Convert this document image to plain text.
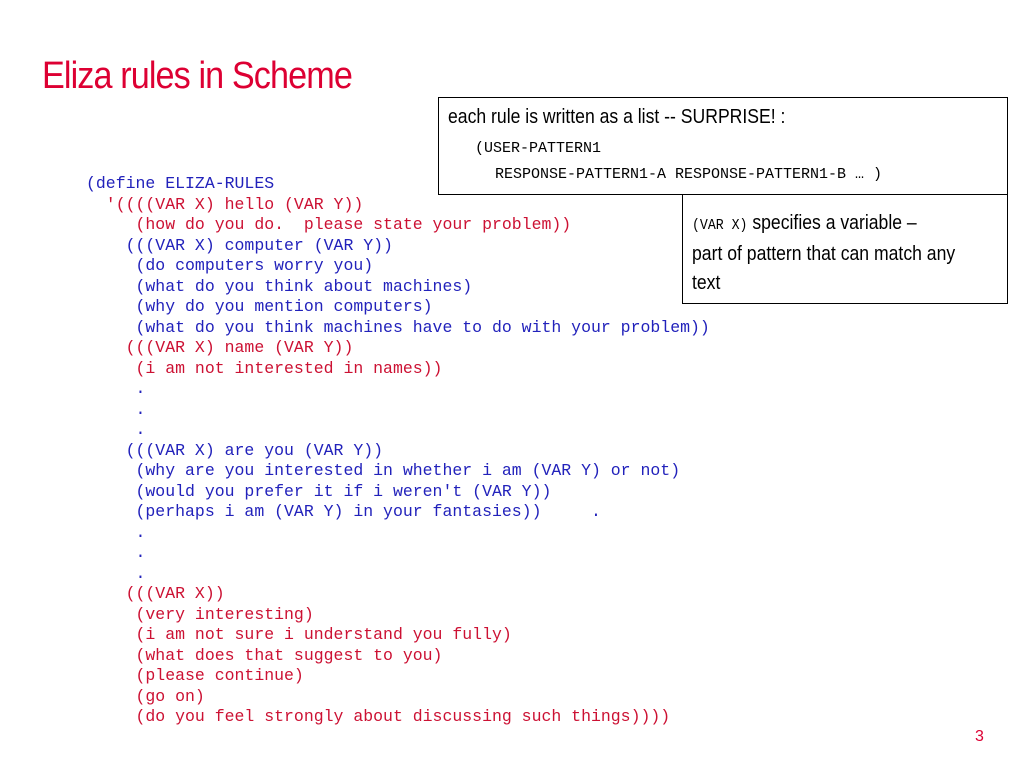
Eliza rules in Scheme
(define ELIZA-RULES
'((((VAR X) hello (VAR Y))
(how do you do.  please state your problem))
(((VAR X) computer (VAR Y))
(do computers worry you)
(what do you think about machines)
(why do you mention computers)
(what do you think machines have to do with your problem))
(((VAR X) name (VAR Y))
(i am not interested in names))
.
.
.
(((VAR X) are you (VAR Y))
(why are you interested in whether i am (VAR Y) or not)
(would you prefer it if i weren't (VAR Y))
(perhaps i am (VAR Y) in your fantasies))     .
.
.
.
(((VAR X))
(very interesting)
(i am not sure i understand you fully)
(what does that suggest to you)
(please continue)
(go on)
(do you feel strongly about discussing such things))))
each rule is written as a list -- SURPRISE! :
(USER-PATTERN1
RESPONSE-PATTERN1-A RESPONSE-PATTERN1-B … )
(VAR X) specifies a variable –
part of pattern that can match any
text
3
